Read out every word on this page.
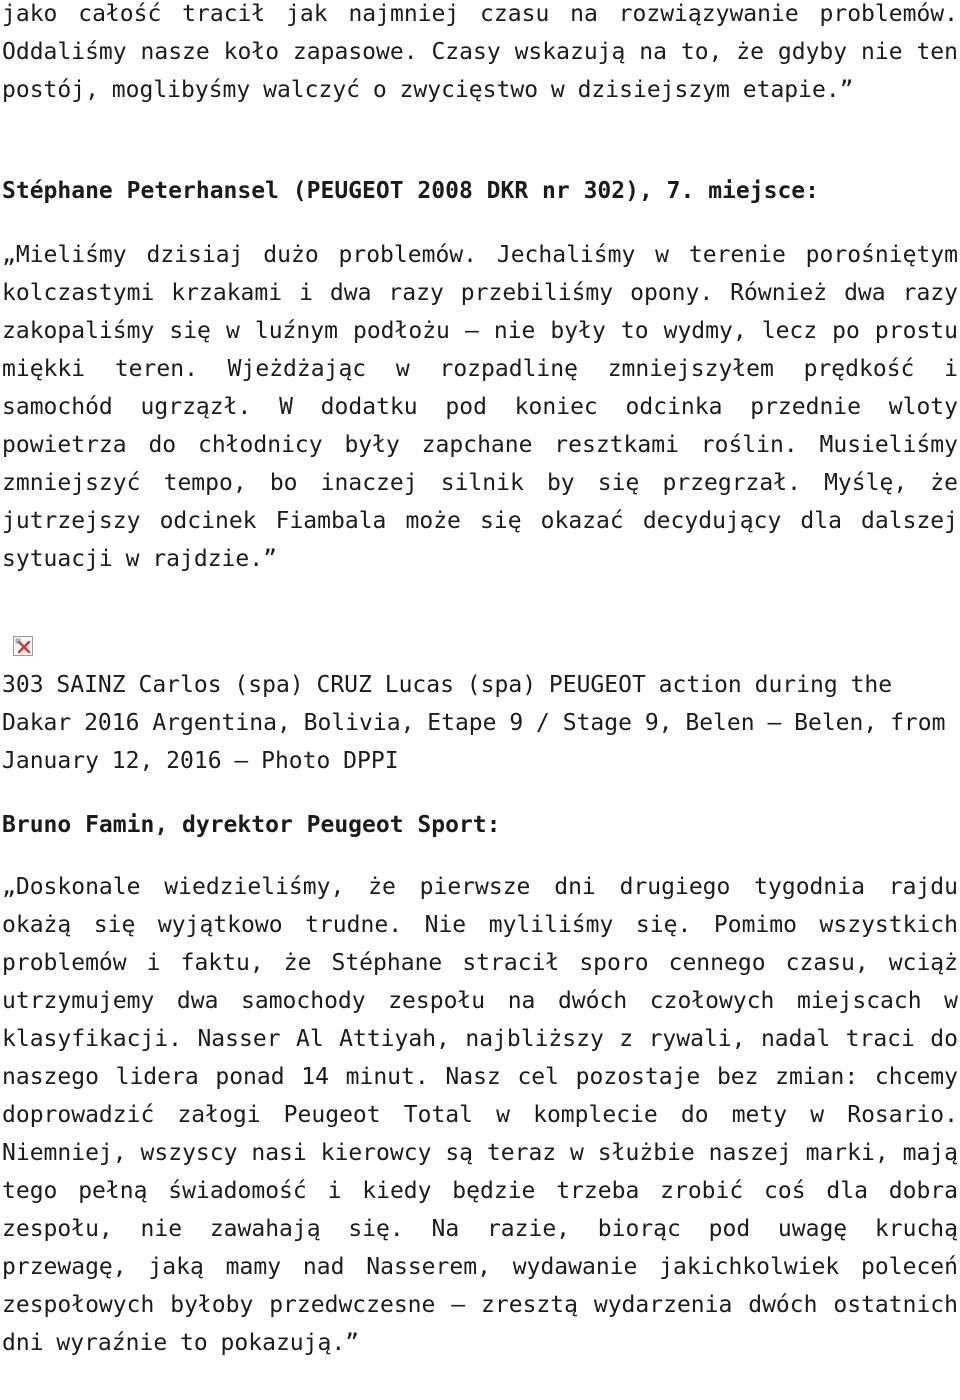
jako całość tracił jak najmniej czasu na rozwiązywanie problemów. Oddaliśmy nasze koło zapasowe. Czasy wskazują na to, że gdyby nie ten postój, moglibyśmy walczyć o zwycięstwo w dzisiejszym etapie.”

Stéphane Peterhansel (PEUGEOT 2008 DKR nr 302), 7. miejsce:

„Mieliśmy dzisiaj dużo problemów. Jechaliśmy w terenie porośniętym kolczastymi krzakami i dwa razy przebiliśmy opony. Również dwa razy zakopaliśmy się w luźnym podłożu – nie były to wydmy, lecz po prostu miękki teren. Wjeżdżając w rozpadlinę zmniejszyłem prędkość i samochód ugrzązł. W dodatku pod koniec odcinka przednie wloty powietrza do chłodnicy były zapchane resztkami roślin. Musieliśmy zmniejszyć tempo, bo inaczej silnik by się przegrzał. Myślę, że jutrzejszy odcinek Fiambala może się okazać decydujący dla dalszej sytuacji w rajdzie.”

303 SAINZ Carlos (spa) CRUZ Lucas (spa) PEUGEOT action during the Dakar 2016 Argentina, Bolivia, Etape 9 / Stage 9, Belen – Belen, from January 12, 2016 – Photo DPPI

Bruno Famin, dyrektor Peugeot Sport:

„Doskonale wiedzieliśmy, że pierwsze dni drugiego tygodnia rajdu okażą się wyjątkowo trudne. Nie myliliśmy się. Pomimo wszystkich problemów i faktu, że Stéphane stracił sporo cennego czasu, wciąż utrzymujemy dwa samochody zespołu na dwóch czołowych miejscach w klasyfikacji. Nasser Al Attiyah, najbliższy z rywali, nadal traci do naszego lidera ponad 14 minut. Nasz cel pozostaje bez zmian: chcemy doprowadzić załogi Peugeot Total w komplecie do mety w Rosario. Niemniej, wszyscy nasi kierowcy są teraz w służbie naszej marki, mają tego pełną świadomość i kiedy będzie trzeba zrobić coś dla dobra zespołu, nie zawahają się. Na razie, biorąc pod uwagę kruchą przewagę, jaką mamy nad Nasserem, wydawanie jakichkolwiek poleceń zespołowych byłoby przedwczesne – zresztą wydarzenia dwóch ostatnich dni wyraźnie to pokazują.”
